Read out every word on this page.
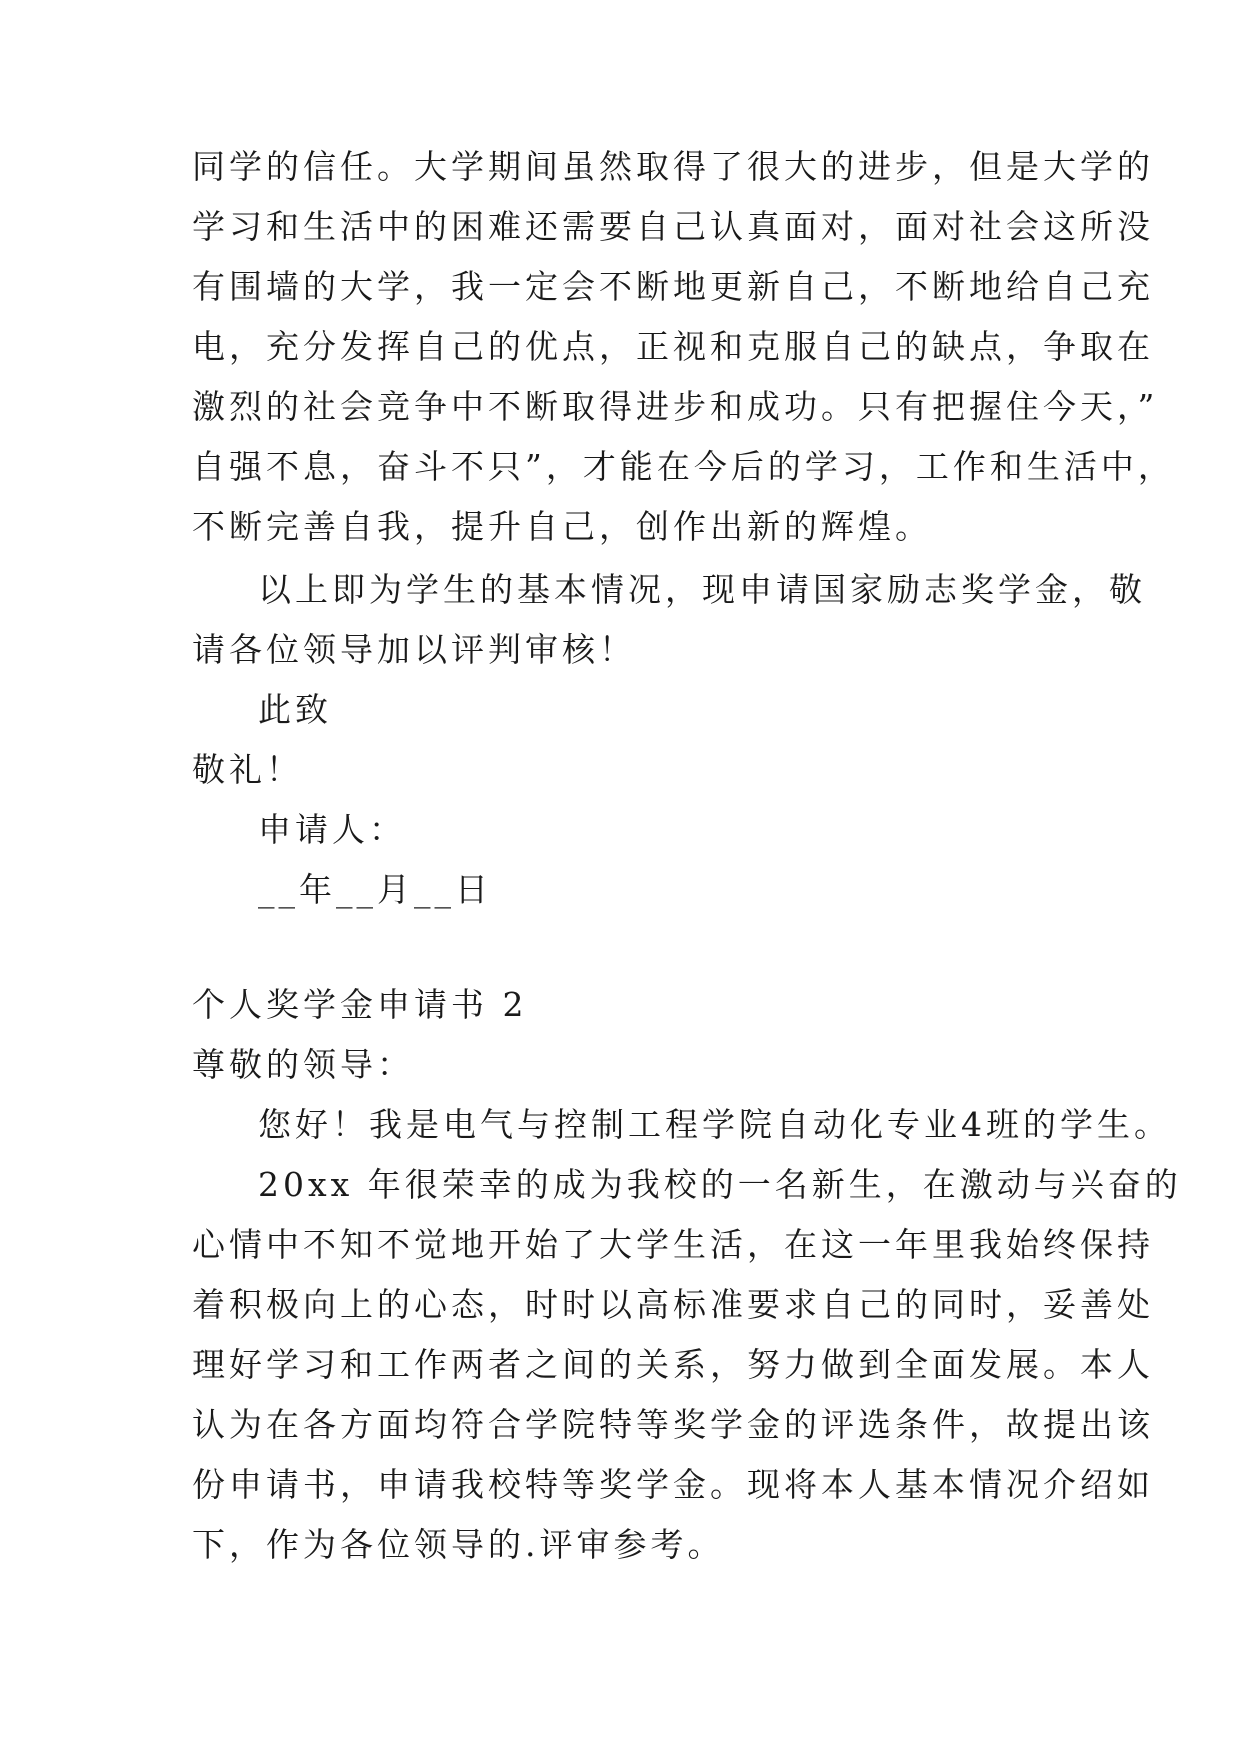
同学的信任。大学期间虽然取得了很大的进步，但是大学的
学习和生活中的困难还需要自己认真面对，面对社会这所没
有围墙的大学，我一定会不断地更新自己，不断地给自己充
电，充分发挥自己的优点，正视和克服自己的缺点，争取在
激烈的社会竞争中不断取得进步和成功。只有把握住今天，”
自强不息，奋斗不只”，才能在今后的学习，工作和生活中，
不断完善自我，提升自己，创作出新的辉煌。
以上即为学生的基本情况，现申请国家励志奖学金，敬
请各位领导加以评判审核！
此致
敬礼！
申请人：
__年__月__日
个人奖学金申请书 2
尊敬的领导：
您好！我是电气与控制工程学院自动化专业4班的学生。
20xx 年很荣幸的成为我校的一名新生，在激动与兴奋的
心情中不知不觉地开始了大学生活，在这一年里我始终保持
着积极向上的心态，时时以高标准要求自己的同时，妥善处
理好学习和工作两者之间的关系，努力做到全面发展。本人
认为在各方面均符合学院特等奖学金的评选条件，故提出该
份申请书，申请我校特等奖学金。现将本人基本情况介绍如
下，作为各位领导的.评审参考。
